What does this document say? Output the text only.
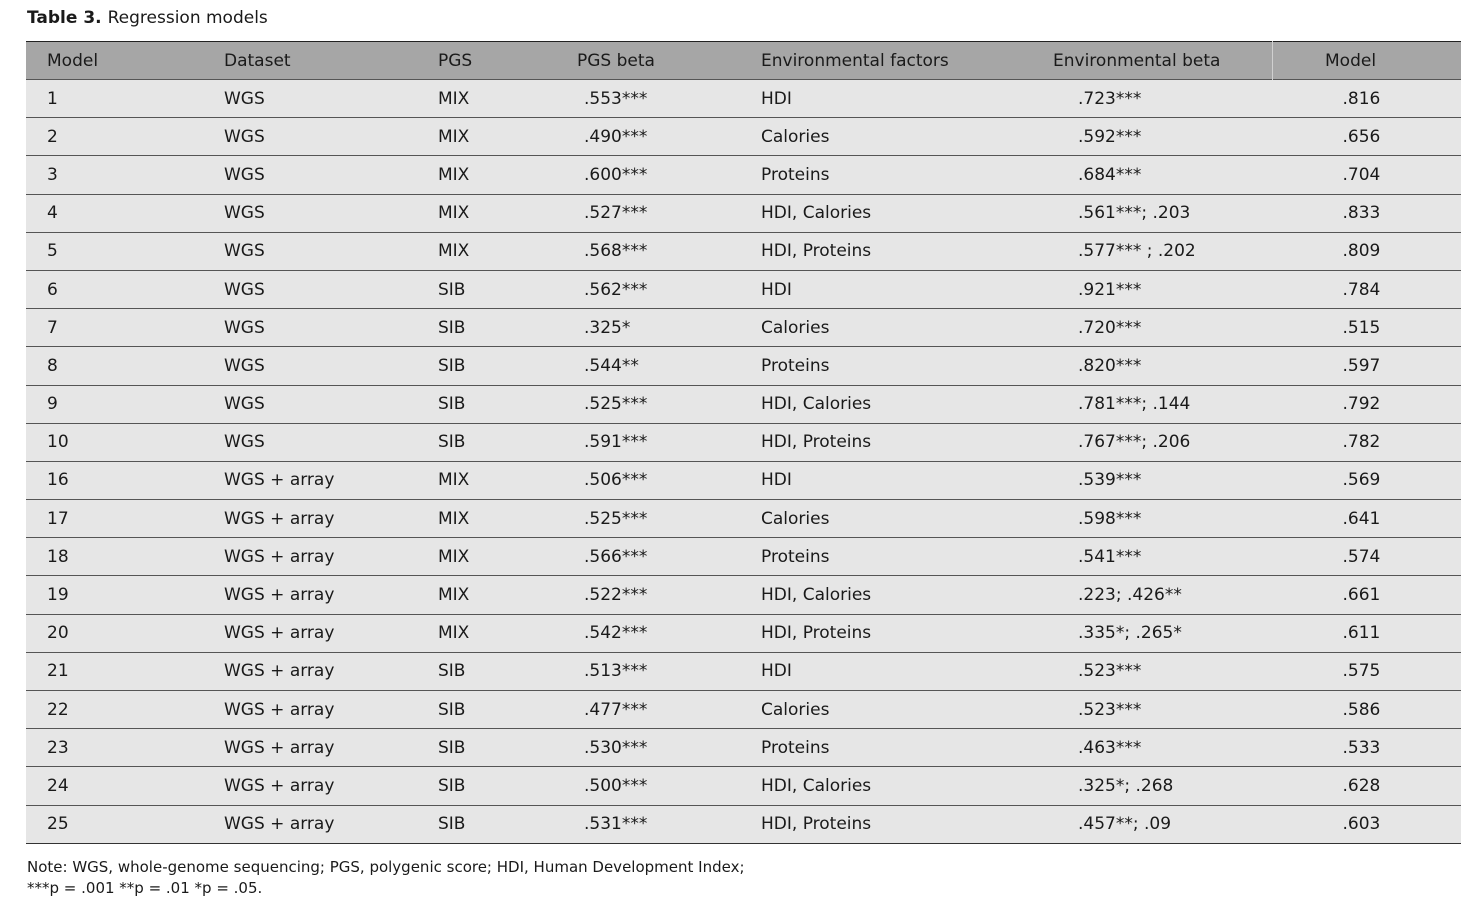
Table 3. Regression models
Model	Dataset	PGS	PGS beta	Environmental factors	Environmental beta	Model
1	WGS	MIX	.553***	HDI	.723***	.816
2	WGS	MIX	.490***	Calories	.592***	.656
3	WGS	MIX	.600***	Proteins	.684***	.704
4	WGS	MIX	.527***	HDI, Calories	.561***; .203	.833
5	WGS	MIX	.568***	HDI, Proteins	.577*** ; .202	.809
6	WGS	SIB	.562***	HDI	.921***	.784
7	WGS	SIB	.325*	Calories	.720***	.515
8	WGS	SIB	.544**	Proteins	.820***	.597
9	WGS	SIB	.525***	HDI, Calories	.781***; .144	.792
10	WGS	SIB	.591***	HDI, Proteins	.767***; .206	.782
16	WGS + array	MIX	.506***	HDI	.539***	.569
17	WGS + array	MIX	.525***	Calories	.598***	.641
18	WGS + array	MIX	.566***	Proteins	.541***	.574
19	WGS + array	MIX	.522***	HDI, Calories	.223; .426**	.661
20	WGS + array	MIX	.542***	HDI, Proteins	.335*; .265*	.611
21	WGS + array	SIB	.513***	HDI	.523***	.575
22	WGS + array	SIB	.477***	Calories	.523***	.586
23	WGS + array	SIB	.530***	Proteins	.463***	.533
24	WGS + array	SIB	.500***	HDI, Calories	.325*; .268	.628
25	WGS + array	SIB	.531***	HDI, Proteins	.457**; .09	.603
Note: WGS, whole-genome sequencing; PGS, polygenic score; HDI, Human Development Index;
***p = .001 **p = .01 *p = .05.
